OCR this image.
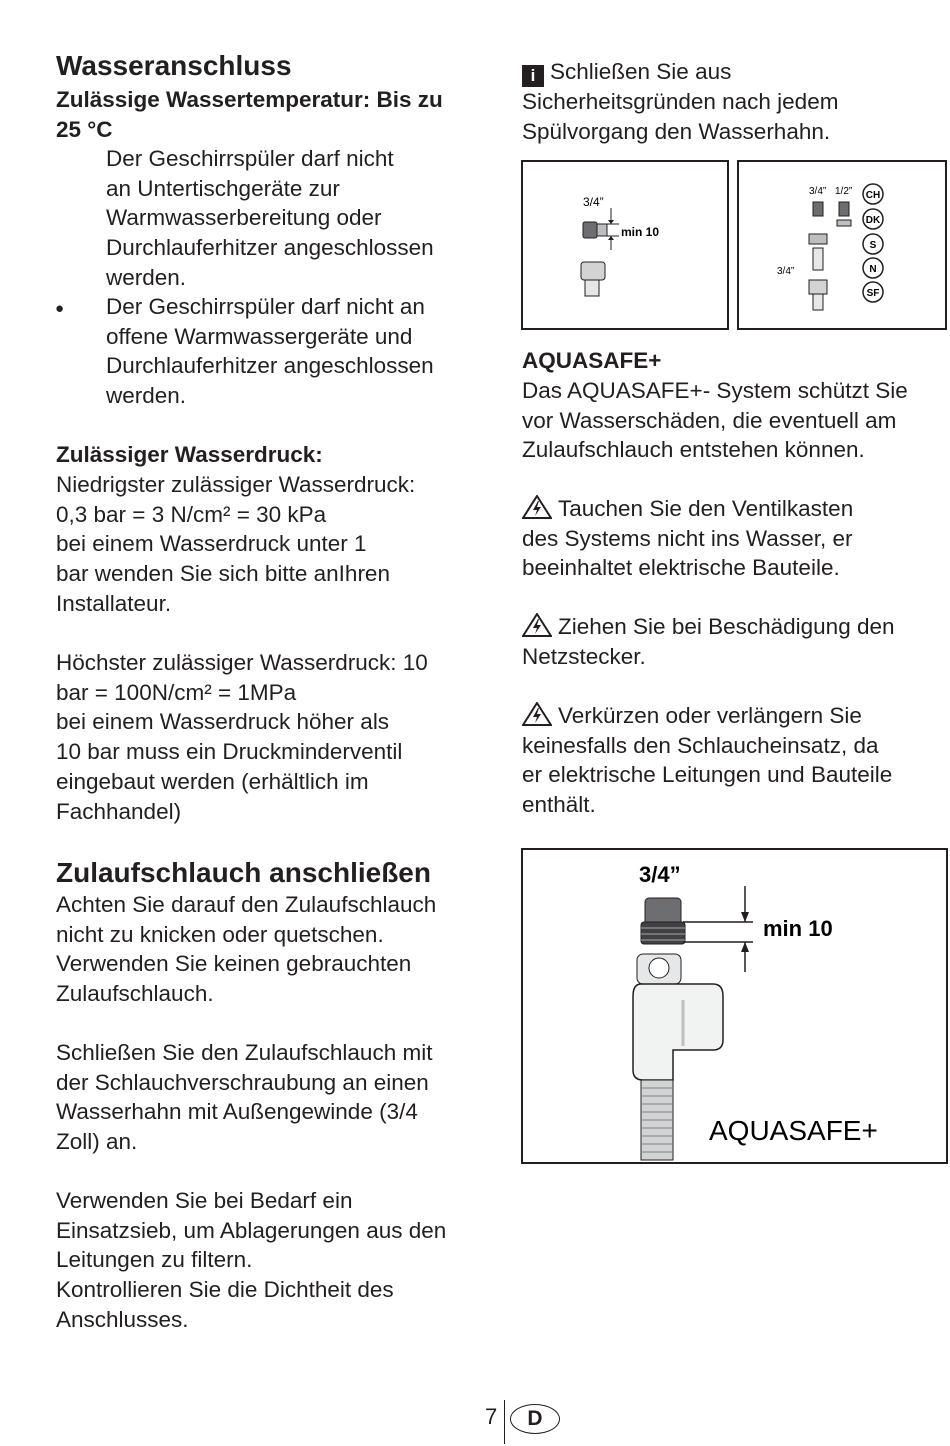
Wasseranschluss
Zulässige Wassertemperatur: Bis zu
25 °C
Der Geschirrspüler darf nicht
an Untertischgeräte zur
Warmwasserbereitung oder
Durchlauferhitzer angeschlossen
werden.
● Der Geschirrspüler darf nicht an
offene Warmwassergeräte und
Durchlauferhitzer angeschlossen
werden.
Zulässiger Wasserdruck:
Niedrigster zulässiger Wasserdruck:
0,3 bar = 3 N/cm² = 30 kPa
bei einem Wasserdruck unter 1
bar wenden Sie sich bitte anIhren
Installateur.
Höchster zulässiger Wasserdruck: 10
bar = 100N/cm² = 1MPa
bei einem Wasserdruck höher als
10 bar muss ein Druckminderventil
eingebaut werden (erhältlich im
Fachhandel)
Zulaufschlauch anschließen
Achten Sie darauf den Zulaufschlauch
nicht zu knicken oder quetschen.
Verwenden Sie keinen gebrauchten
Zulaufschlauch.
Schließen Sie den Zulaufschlauch mit
der Schlauchverschraubung an einen
Wasserhahn mit Außengewinde (3/4
Zoll) an.
Verwenden Sie bei Bedarf ein
Einsatzsieb, um Ablagerungen aus den
Leitungen zu filtern.
Kontrollieren Sie die Dichtheit des
Anschlusses.
i Schließen Sie aus
Sicherheitsgründen nach jedem
Spülvorgang den Wasserhahn.
3/4”
min 10
3/4” 1/2”
3/4”
CH
DK
S
N
SF
AQUASAFE+
Das AQUASAFE+- System schützt Sie
vor Wasserschäden, die eventuell am
Zulaufschlauch entstehen können.
Tauchen Sie den Ventilkasten
des Systems nicht ins Wasser, er
beeinhaltet elektrische Bauteile.
Ziehen Sie bei Beschädigung den
Netzstecker.
Verkürzen oder verlängern Sie
keinesfalls den Schlaucheinsatz, da
er elektrische Leitungen und Bauteile
enthält.
3/4”
min 10
AQUASAFE+
7	D
